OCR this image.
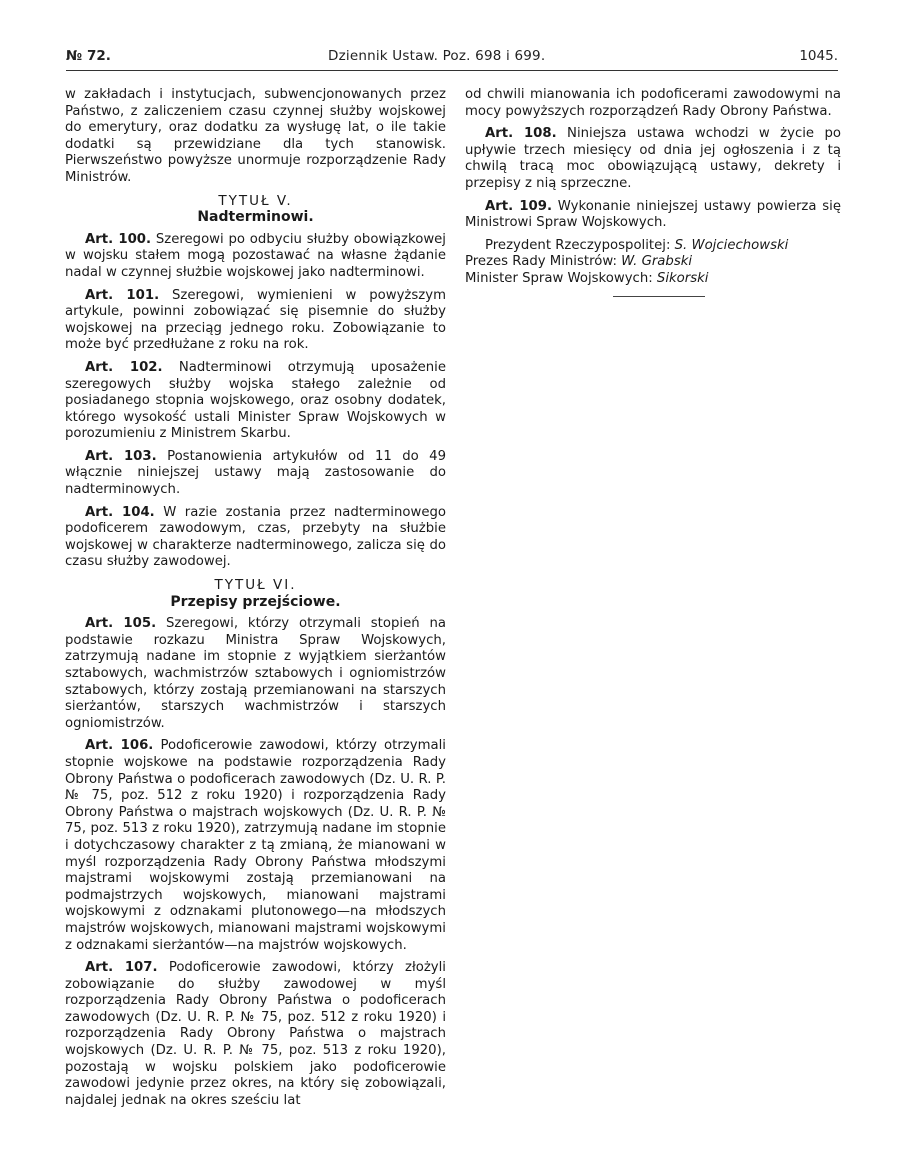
№ 72.	Dziennik Ustaw. Poz. 698 i 699.	1045.

w zakładach i instytucjach, subwencjonowanych przez Państwo, z zaliczeniem czasu czynnej służby wojskowej do emerytury, oraz dodatku za wysługę lat, o ile takie dodatki są przewidziane dla tych stanowisk. Pierwszeństwo powyższe unormuje rozporządzenie Rady Ministrów.

TYTUŁ V.
Nadterminowi.

Art. 100. Szeregowi po odbyciu służby obowiązkowej w wojsku stałem mogą pozostawać na własne żądanie nadal w czynnej służbie wojskowej jako nadterminowi.

Art. 101. Szeregowi, wymienieni w powyższym artykule, powinni zobowiązać się pisemnie do służby wojskowej na przeciąg jednego roku. Zobowiązanie to może być przedłużane z roku na rok.

Art. 102. Nadterminowi otrzymują uposażenie szeregowych służby wojska stałego zależnie od posiadanego stopnia wojskowego, oraz osobny dodatek, którego wysokość ustali Minister Spraw Wojskowych w porozumieniu z Ministrem Skarbu.

Art. 103. Postanowienia artykułów od 11 do 49 włącznie niniejszej ustawy mają zastosowanie do nadterminowych.

Art. 104. W razie zostania przez nadterminowego podoficerem zawodowym, czas, przebyty na służbie wojskowej w charakterze nadterminowego, zalicza się do czasu służby zawodowej.

TYTUŁ VI.
Przepisy przejściowe.

Art. 105. Szeregowi, którzy otrzymali stopień na podstawie rozkazu Ministra Spraw Wojskowych, zatrzymują nadane im stopnie z wyjątkiem sierżantów sztabowych, wachmistrzów sztabowych i ogniomistrzów sztabowych, którzy zostają przemianowani na starszych sierżantów, starszych wachmistrzów i starszych ogniomistrzów.

Art. 106. Podoficerowie zawodowi, którzy otrzymali stopnie wojskowe na podstawie rozporządzenia Rady Obrony Państwa o podoficerach zawodowych (Dz. U. R. P. № 75, poz. 512 z roku 1920) i rozporządzenia Rady Obrony Państwa o majstrach wojskowych (Dz. U. R. P. № 75, poz. 513 z roku 1920), zatrzymują nadane im stopnie i dotychczasowy charakter z tą zmianą, że mianowani w myśl rozporządzenia Rady Obrony Państwa młodszymi majstrami wojskowymi zostają przemianowani na podmajstrzych wojskowych, mianowani majstrami wojskowymi z odznakami plutonowego—na młodszych majstrów wojskowych, mianowani majstrami wojskowymi z odznakami sierżantów—na majstrów wojskowych.

Art. 107. Podoficerowie zawodowi, którzy złożyli zobowiązanie do służby zawodowej w myśl rozporządzenia Rady Obrony Państwa o podoficerach zawodowych (Dz. U. R. P. № 75, poz. 512 z roku 1920) i rozporządzenia Rady Obrony Państwa o majstrach wojskowych (Dz. U. R. P. № 75, poz. 513 z roku 1920), pozostają w wojsku polskiem jako podoficerowie zawodowi jedynie przez okres, na który się zobowiązali, najdalej jednak na okres sześciu lat

od chwili mianowania ich podoficerami zawodowymi na mocy powyższych rozporządzeń Rady Obrony Państwa.

Art. 108. Niniejsza ustawa wchodzi w życie po upływie trzech miesięcy od dnia jej ogłoszenia i z tą chwilą tracą moc obowiązującą ustawy, dekrety i przepisy z nią sprzeczne.

Art. 109. Wykonanie niniejszej ustawy powierza się Ministrowi Spraw Wojskowych.

Prezydent Rzeczypospolitej: S. Wojciechowski
Prezes Rady Ministrów: W. Grabski
Minister Spraw Wojskowych: Sikorski
